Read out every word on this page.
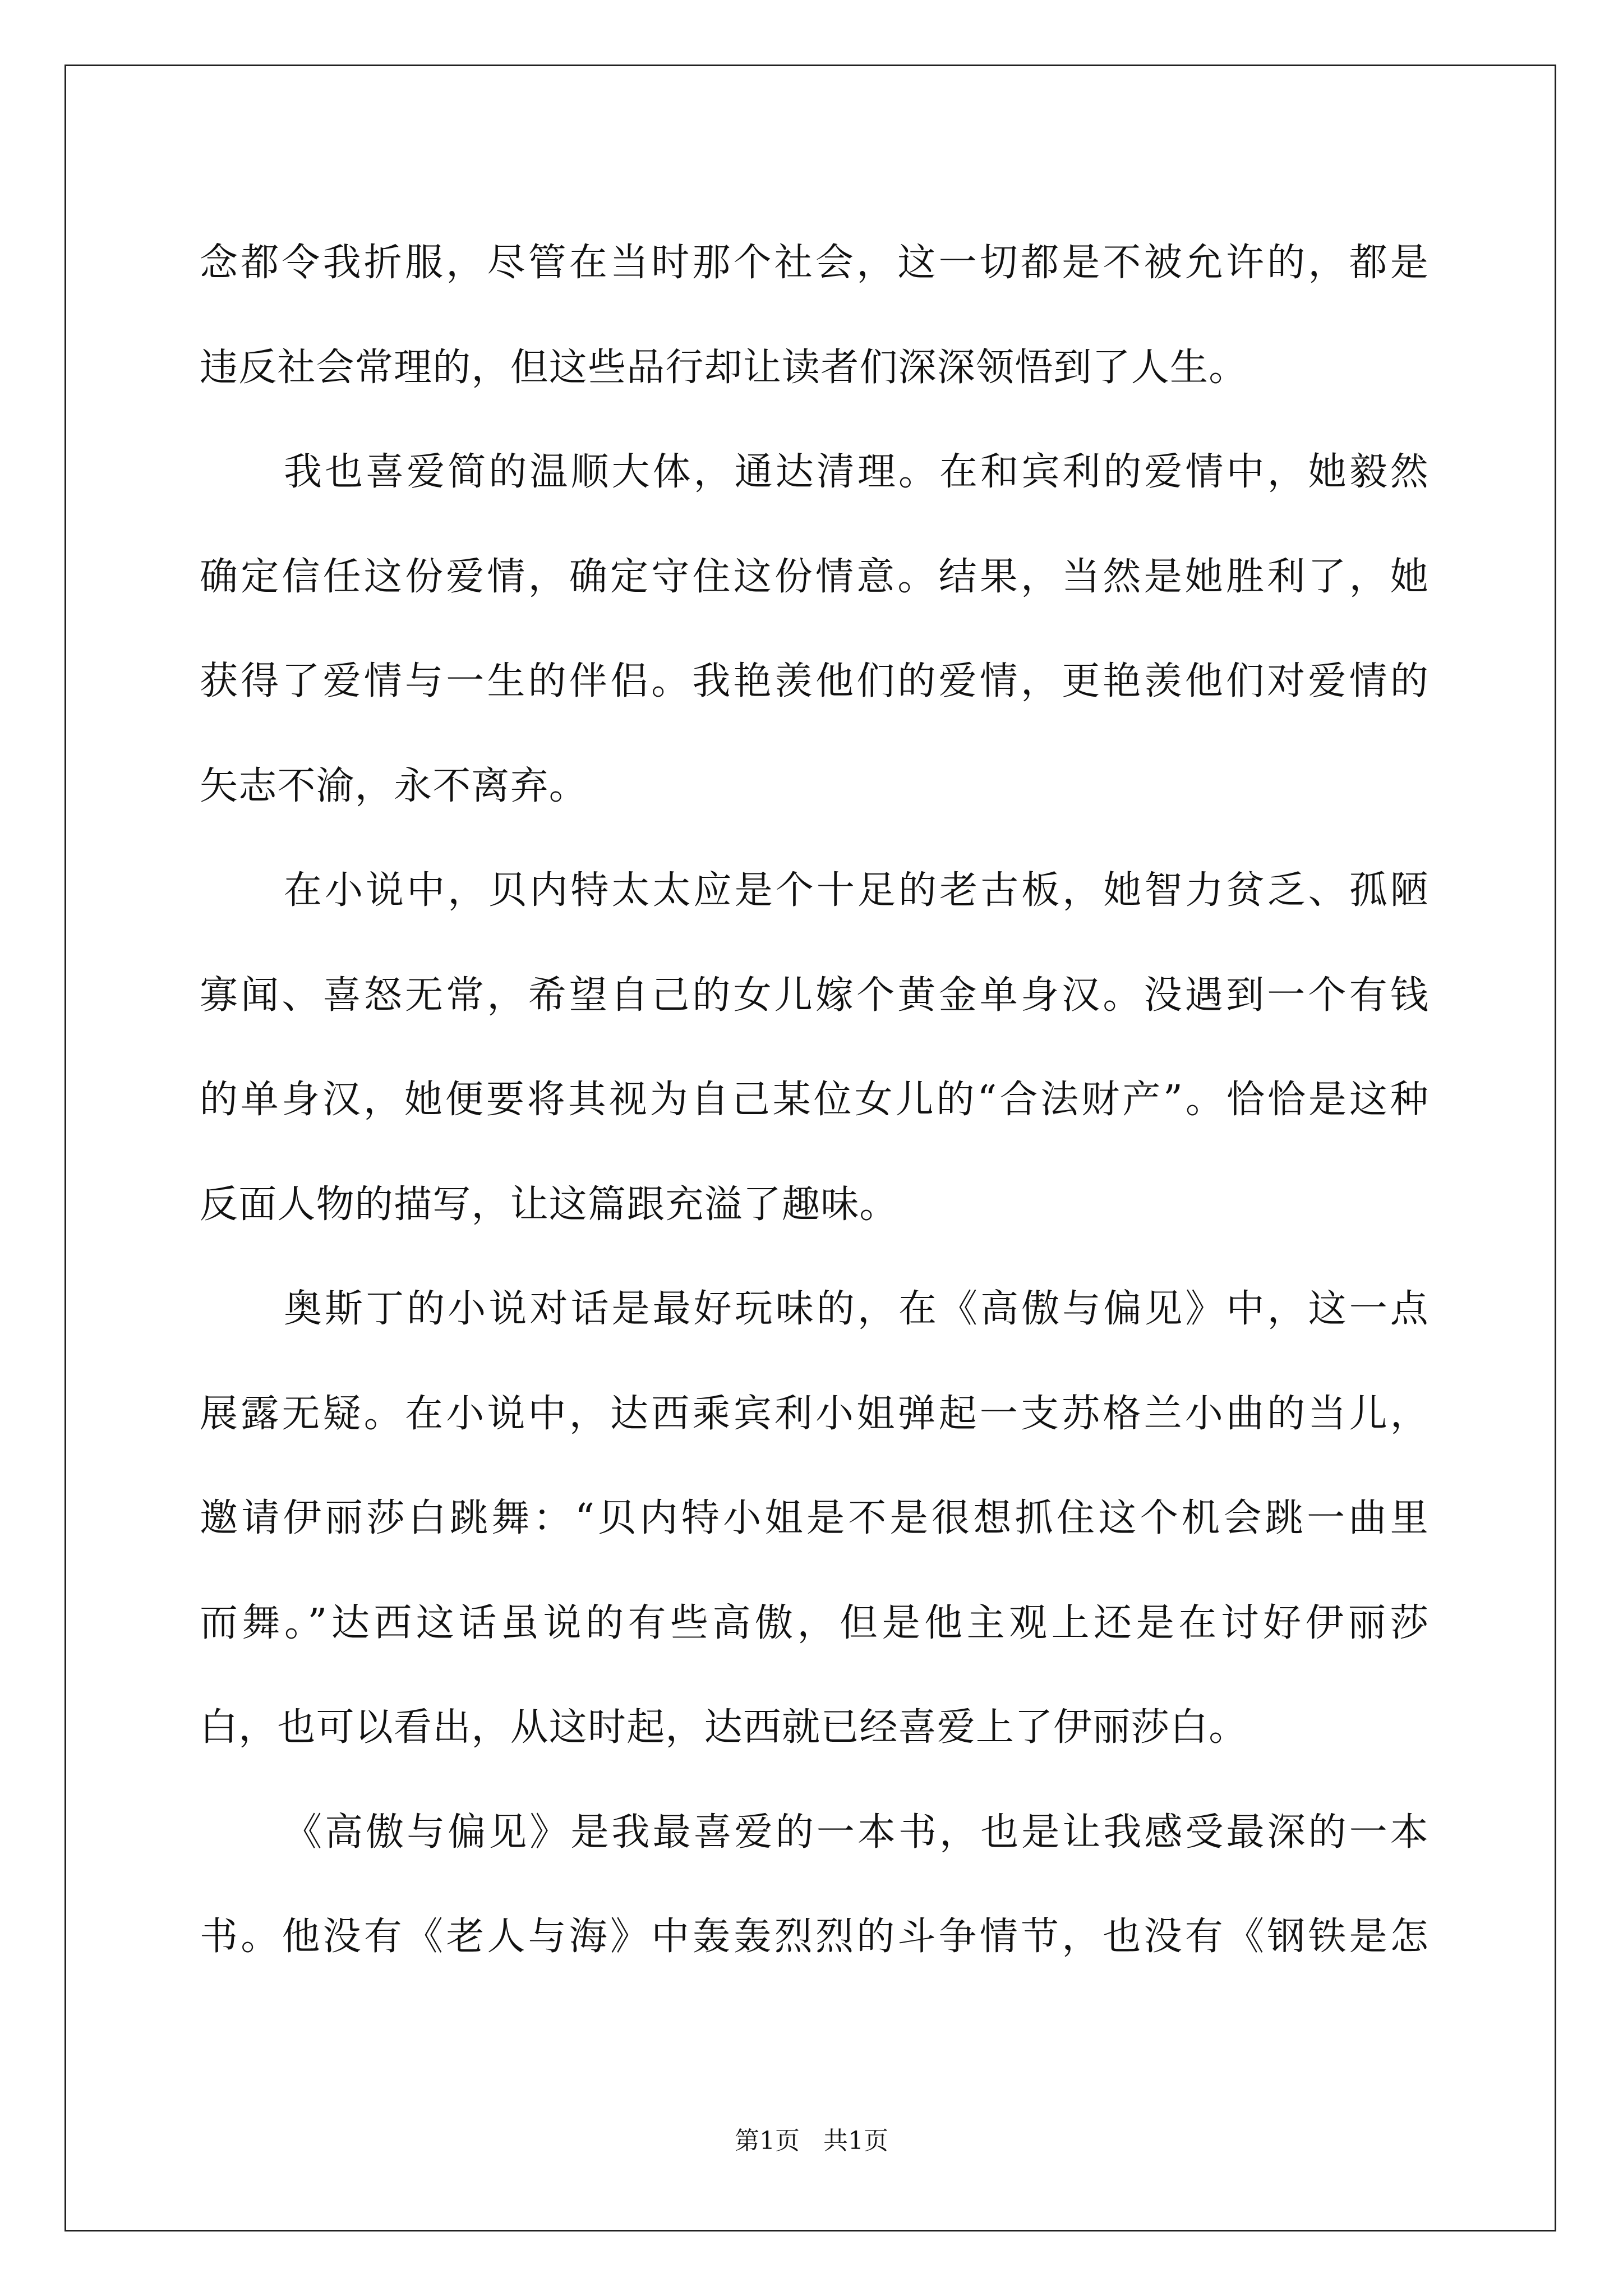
念都令我折服，尽管在当时那个社会，这一切都是不被允许的，都是
违反社会常理的，但这些品行却让读者们深深领悟到了人生。
我也喜爱简的温顺大体，通达清理。在和宾利的爱情中，她毅然
确定信任这份爱情，确定守住这份情意。结果，当然是她胜利了，她
获得了爱情与一生的伴侣。我艳羡他们的爱情，更艳羡他们对爱情的
矢志不渝，永不离弃。
在小说中，贝内特太太应是个十足的老古板，她智力贫乏、孤陋
寡闻、喜怒无常，希望自己的女儿嫁个黄金单身汉。没遇到一个有钱
的单身汉，她便要将其视为自己某位女儿的“合法财产”。恰恰是这种
反面人物的描写，让这篇跟充溢了趣味。
奥斯丁的小说对话是最好玩味的，在《高傲与偏见》中，这一点
展露无疑。在小说中，达西乘宾利小姐弹起一支苏格兰小曲的当儿，
邀请伊丽莎白跳舞：“贝内特小姐是不是很想抓住这个机会跳一曲里
而舞。”达西这话虽说的有些高傲，但是他主观上还是在讨好伊丽莎
白，也可以看出，从这时起，达西就已经喜爱上了伊丽莎白。
《高傲与偏见》是我最喜爱的一本书，也是让我感受最深的一本
书。他没有《老人与海》中轰轰烈烈的斗争情节，也没有《钢铁是怎
第1页   共1页
